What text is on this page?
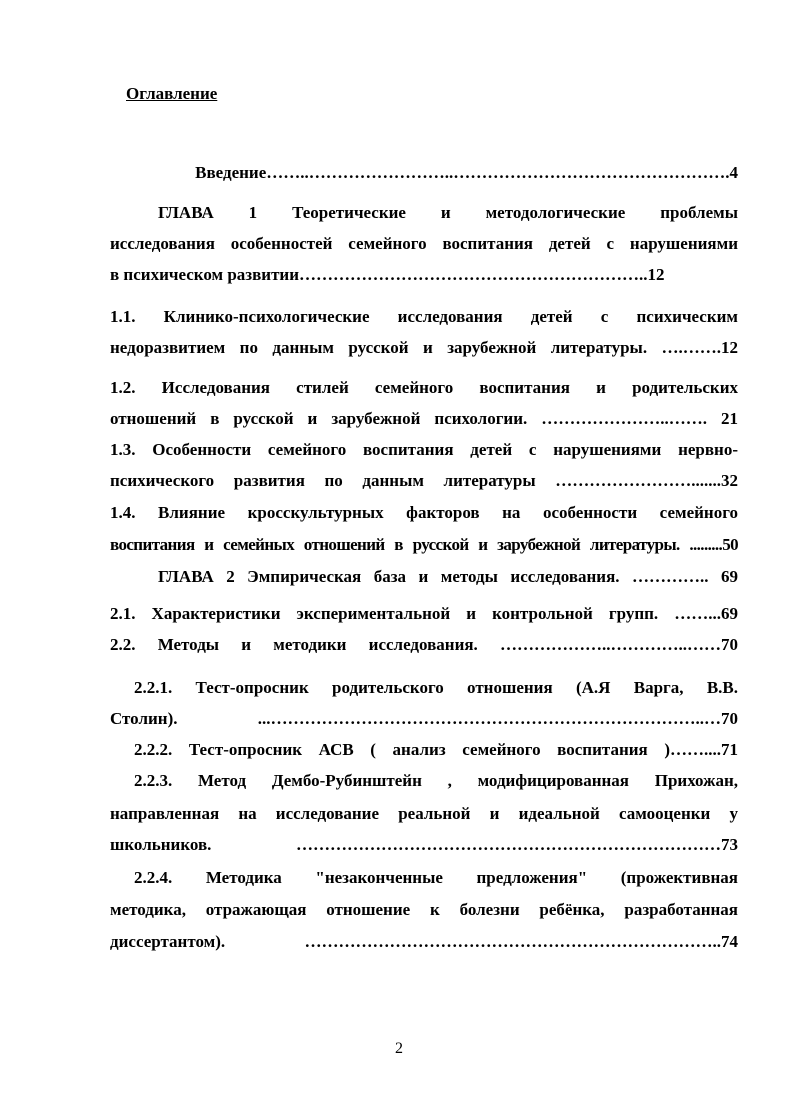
Оглавление
Введение……..……………………..………………………………………….4
ГЛАВА 1 Теоретические и методологические проблемы
исследования особенностей семейного воспитания детей с нарушениями
в психическом развитии……………………………………………………..12
1.1. Клинико-психологические исследования детей с психическим
недоразвитием по данным русской и зарубежной литературы. ….…….12
1.2. Исследования стилей семейного воспитания и родительских
отношений в русской и зарубежной психологии. …………………..……. 21
1.3. Особенности семейного воспитания детей с нарушениями нервно-
психического развития по данным литературы …………………….......32
1.4. Влияние кросскультурных факторов на особенности семейного
воспитания и семейных отношений в русской и зарубежной литературы. .........50
ГЛАВА 2 Эмпирическая база и методы исследования. ………….. 69
2.1. Характеристики экспериментальной и контрольной групп. ……...69
2.2. Методы и методики исследования. ………………..…………..……70
2.2.1. Тест-опросник родительского отношения (А.Я Варга, В.В.
Столин). ...…………………………………………………………………..…70
2.2.2. Тест-опросник АСВ ( анализ семейного воспитания )……....71
2.2.3. Метод Дембо-Рубинштейн , модифицированная Прихожан,
направленная на исследование реальной и идеальной самооценки у
школьников. …………………………………………………………………73
2.2.4. Методика "незаконченные предложения" (прожективная
методика, отражающая отношение к болезни ребёнка, разработанная
диссертантом). ………………………………………………………………..74
2
